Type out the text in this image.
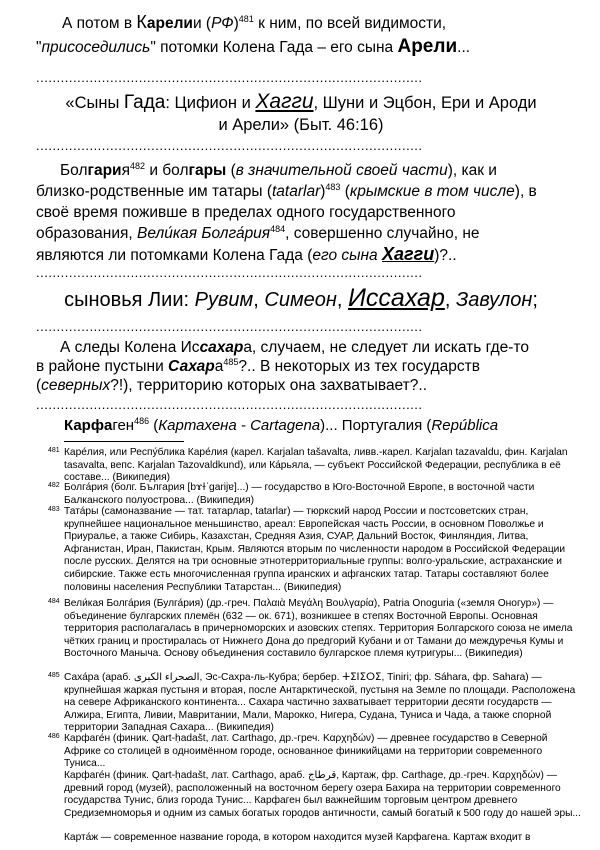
А потом в Карелии (РФ)$^{481}$ к ним, по всей видимости,
"присоседились" потомки Колена Гада – его сына Арели...
..............................................................................................
«Сыны Гада: Цифион и Хагги, Шуни и Эцбон, Ери и Ароди
и Арели» (Быт. 46:16)
..............................................................................................
Болгария$^{482}$ и болгары (в значительной своей части), как и
близко-родственные им татары (tatarlar)$^{483}$ (крымские в том числе), в
своё время поживше в пределах одного государственного
образования, Вели́кая Болга́рия$^{484}$, совершенно случайно, не
являются ли потомками Колена Гада (его сына Хагги)?..
..............................................................................................
сыновья Лии: Рувим, Симеон, Иссахар, Завулон;
..............................................................................................
А следы Колена Иссахара, случаем, не следует ли искать где-то
в районе пустыни Сахара$^{485}$?.. В некоторых из тех государств
(северных?!), территорию которых она захватывает?..
..............................................................................................
Карфаген$^{486}$ (Картахена - Cartagena)... Португалия (República
481 Каре́лия, или Респу́блика Каре́лия (карел. Karjalan tašavalta, ливв.-карел. Karjalan tazavaldu, фин. Karjalan tasavalta, вепс. Karjalan Tazovaldkund), или Ка́рьяла, — субъект Российской Федерации, республика в её составе... (Википедия)

482 Болга́рия (болг. България [bɤɫˈɡarijɐ]...) — государство в Юго-Восточной Европе, в восточной части Балканского полуострова... (Википедия)

483 Тата́ры (самоназвание — тат. татарлар, tatarlar) — тюркский народ России и постсоветских стран, крупнейшее национальное меньшинство, ареал: Европейская часть России, в основном Поволжье и Приуралье, а также Сибирь, Казахстан, Средняя Азия, СУАР, Дальний Восток, Финляндия, Литва, Афганистан, Иран, Пакистан, Крым. Являются вторым по численности народом в Российской Федерации после русских. Делятся на три основные этнотерриториальные группы: волго-уральские, астраханские и сибирские. Также есть многочисленная группа иранских и афганских татар. Татары составляют более половины населения Республики Татарстан... (Википедия)

484 Вели́кая Болга́рия (Булга́рия) (др.-греч. Παλαιὰ Μεγάλη Βουλγαρία), Patria Onoguria («земля Оногур») — объединение булгарских племён (632 — ок. 671), возникшее в степях Восточной Европы. Основная территория располагалась в причерноморских и азовских степях. Территория Болгарского союза не имела чётких границ и простиралась от Нижнего Дона до предгорий Кубани и от Тамани до междуречья Кумы и Восточного Маныча. Основу объединения составило булгарское племя кутригуры... (Википедия)

485 Саха́ра (араб. الصحراء الكبرى, Эс-Сахра-ль-Кубра; бербер. ⵜⵉⵏⵉⵔⵉ, Tiniri; фр. Sáhara, фр. Sahara) — крупнейшая жаркая пустыня и вторая, после Антарктической, пустыня на Земле по площади. Расположена на севере Африканского континента... Сахара частично захватывает территории десяти государств — Алжира, Египта, Ливии, Мавритании, Мали, Марокко, Нигера, Судана, Туниса и Чада, а также спорной территории Западная Сахара... (Википедия)

486 Карфаге́н (финик. Qart-ḥadašt, лат. Carthago, др.-греч. Καρχηδών) — древнее государство в Северной Африке со столицей в одноимённом городе, основанное финикийцами на территории современного Туниса...

Карфаге́н (финик. Qart-ḥadašt, лат. Carthago, араб. قرطاج, Картаж, фр. Carthage, др.-греч. Καρχηδών) — древний город (музей), расположенный на восточном берегу озера Бахира на территории современного государства Тунис, близ города Тунис... Карфаген был важнейшим торговым центром древнего Средиземноморья и одним из самых богатых городов античности, самый богатый к 500 году до нашей эры...

Карта́ж — современное название города, в котором находится музей Карфагена. Картаж входит в
